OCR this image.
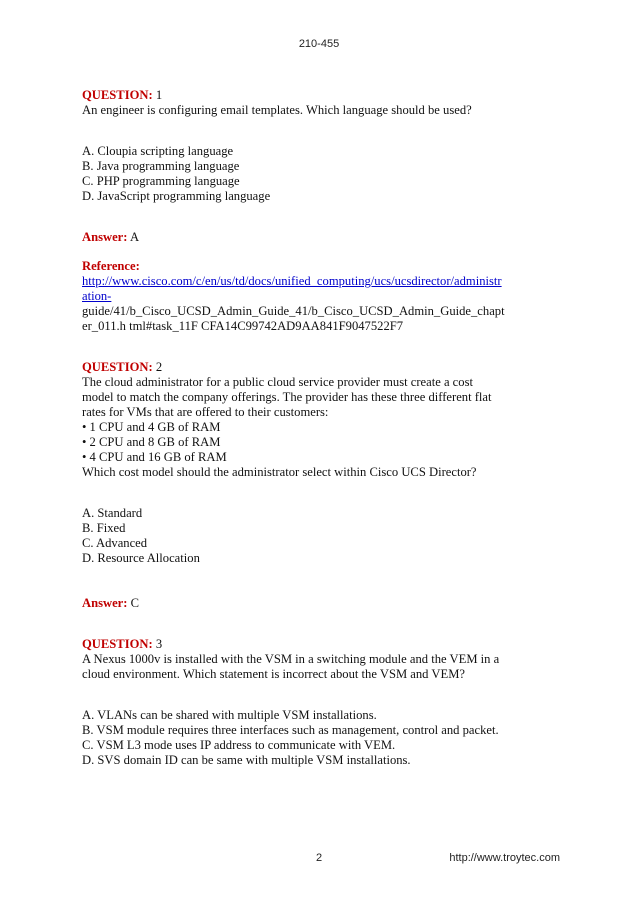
210-455
QUESTION: 1
An engineer is configuring email templates. Which language should be used?
A. Cloupia scripting language
B. Java programming language
C. PHP programming language
D. JavaScript programming language
Answer: A
Reference:
http://www.cisco.com/c/en/us/td/docs/unified_computing/ucs/ucsdirector/administr
ation-
guide/41/b_Cisco_UCSD_Admin_Guide_41/b_Cisco_UCSD_Admin_Guide_chapt
er_011.h tml#task_11F CFA14C99742AD9AA841F9047522F7
QUESTION: 2
The cloud administrator for a public cloud service provider must create a cost
model to match the company offerings. The provider has these three different flat
rates for VMs that are offered to their customers:
• 1 CPU and 4 GB of RAM
• 2 CPU and 8 GB of RAM
• 4 CPU and 16 GB of RAM
Which cost model should the administrator select within Cisco UCS Director?
A. Standard
B. Fixed
C. Advanced
D. Resource Allocation
Answer: C
QUESTION: 3
A Nexus 1000v is installed with the VSM in a switching module and the VEM in a
cloud environment. Which statement is incorrect about the VSM and VEM?
A. VLANs can be shared with multiple VSM installations.
B. VSM module requires three interfaces such as management, control and packet.
C. VSM L3 mode uses IP address to communicate with VEM.
D. SVS domain ID can be same with multiple VSM installations.
2	http://www.troytec.com
